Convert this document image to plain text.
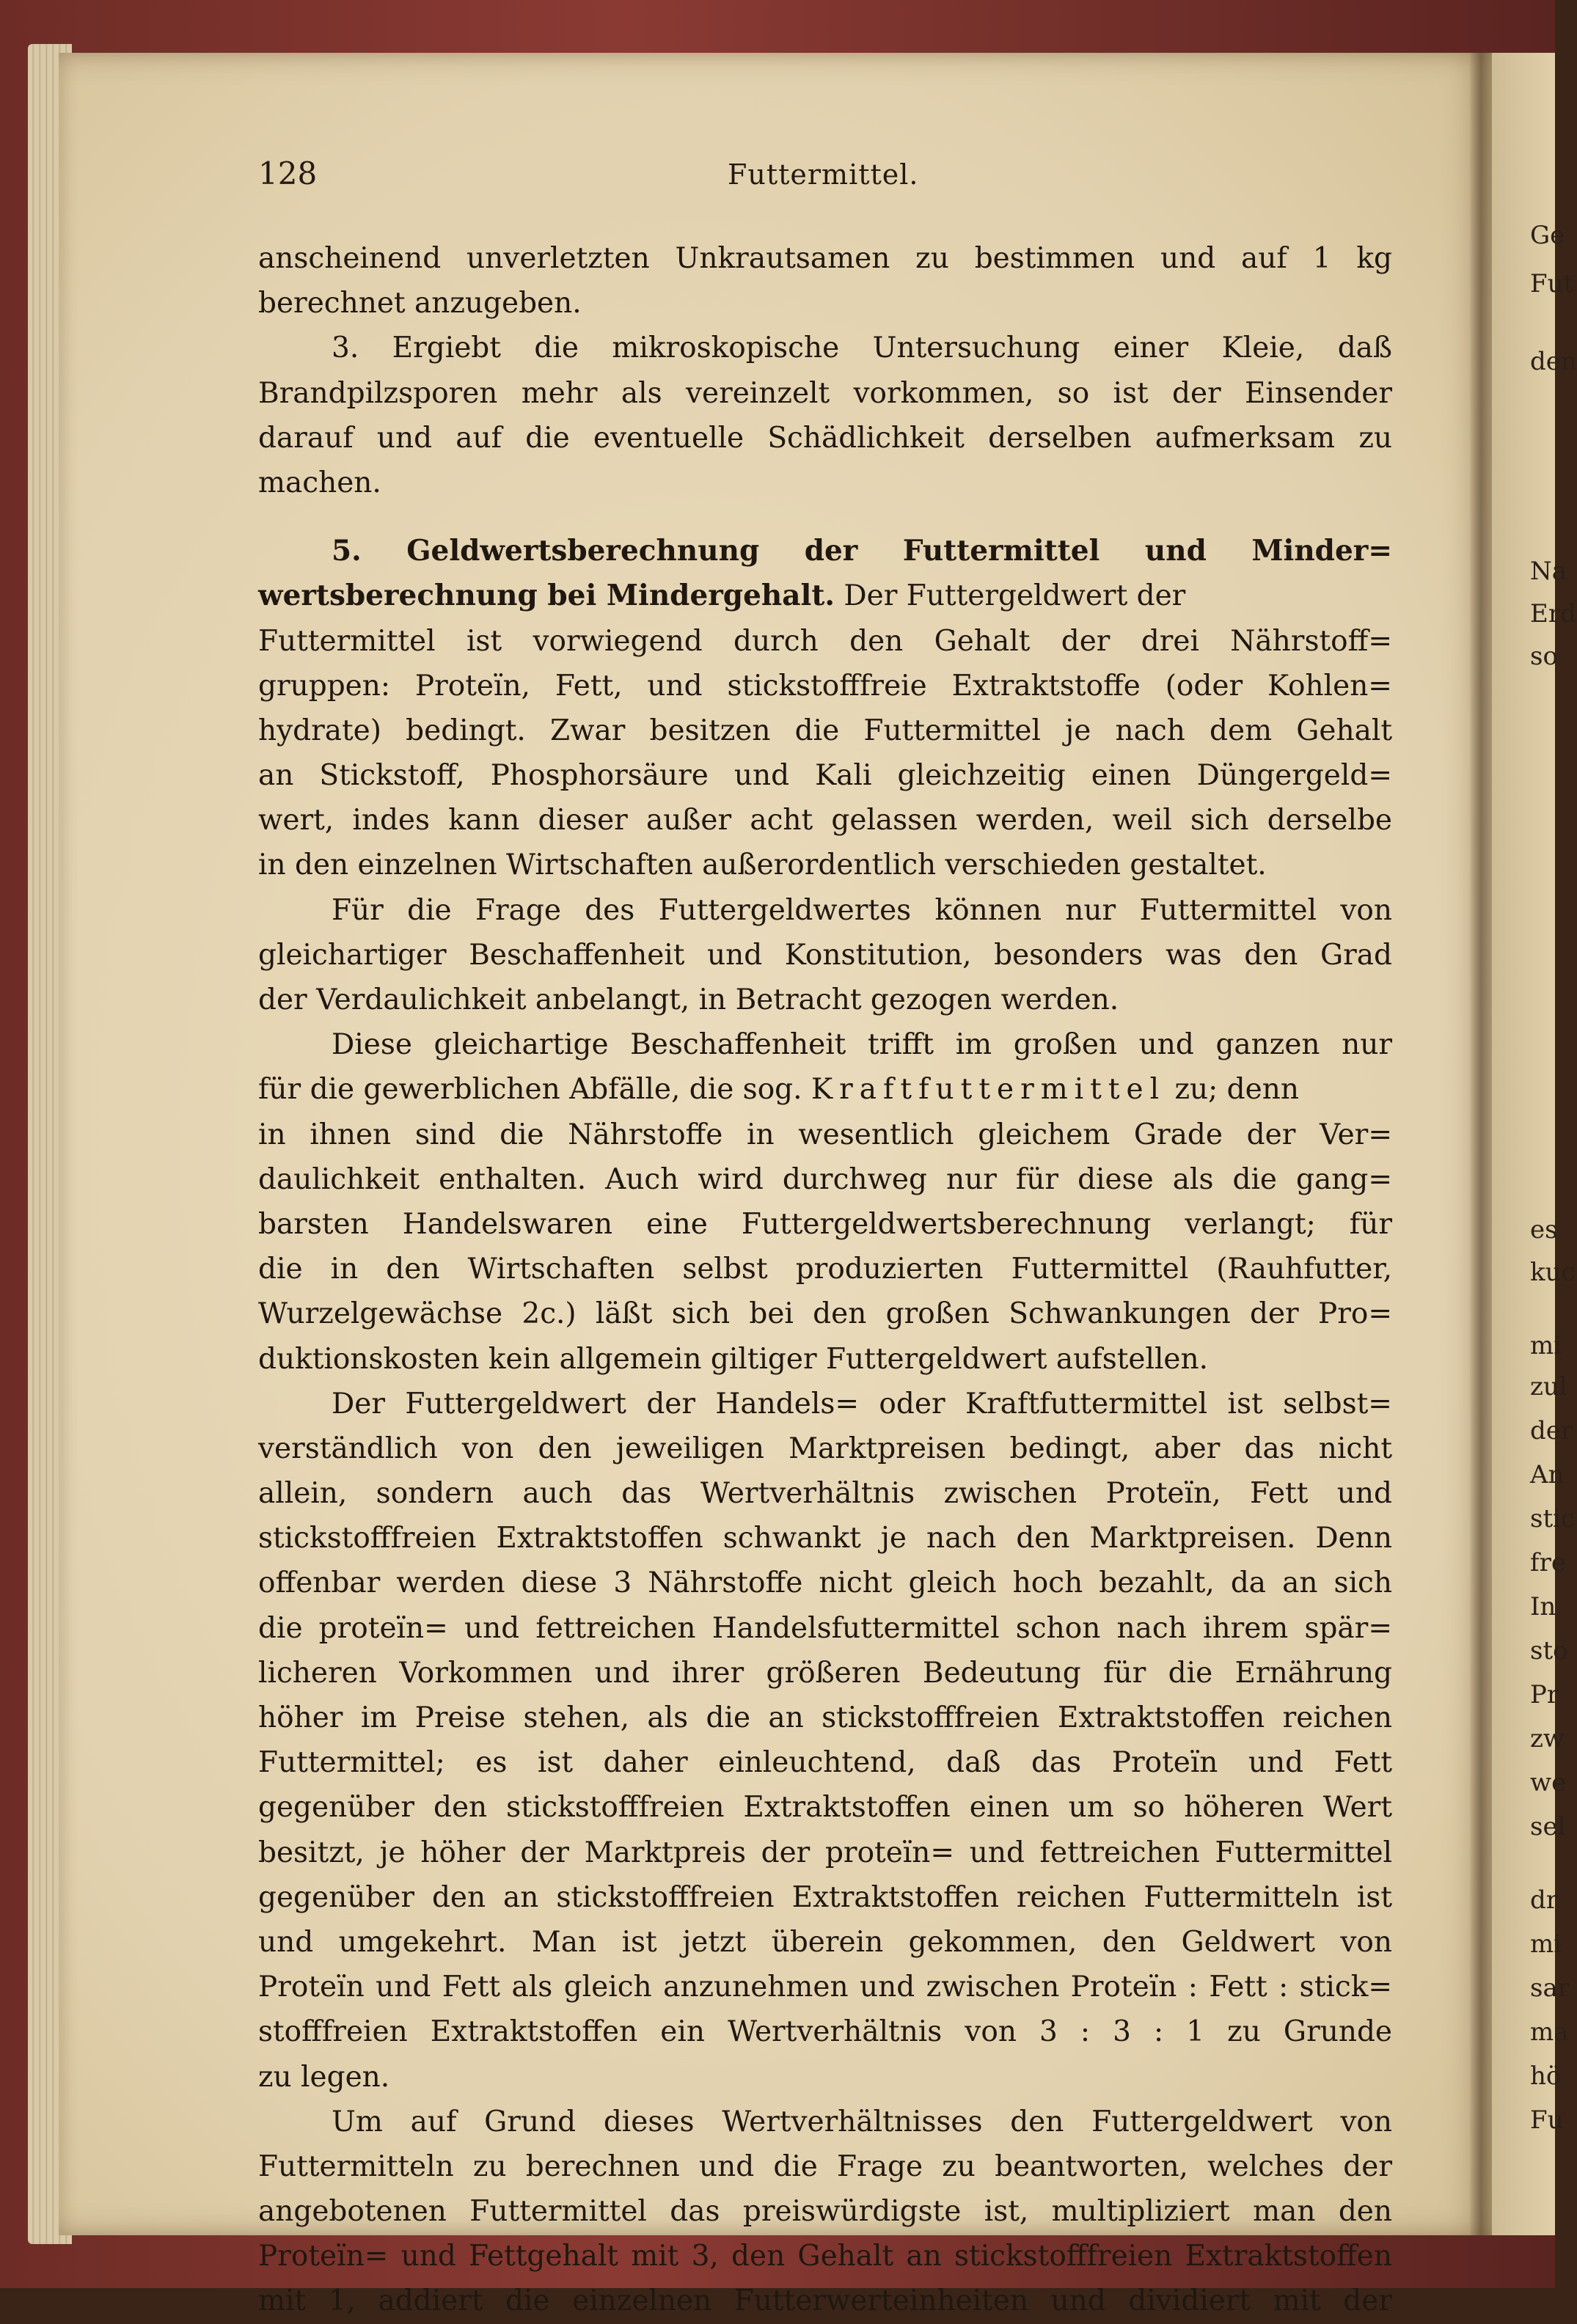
Ge
Fut
den
Na
Erd
so
es
kuc
mi
zul
der
An
stic
fre
In
sto
Pr
zw
we
sel
dr
mi
sar
ma
hö
Fu
128	Futtermittel.
anscheinend unverletzten Unkrautsamen zu bestimmen und auf 1 kg
berechnet anzugeben.
3. Ergiebt die mikroskopische Untersuchung einer Kleie, daß
Brandpilzsporen mehr als vereinzelt vorkommen, so ist der Einsender
darauf und auf die eventuelle Schädlichkeit derselben aufmerksam zu
machen.
5. Geldwertsberechnung der Futtermittel und Minder=
wertsberechnung bei Mindergehalt. Der Futtergeldwert der
Futtermittel ist vorwiegend durch den Gehalt der drei Nährstoff=
gruppen: Proteïn, Fett, und stickstofffreie Extraktstoffe (oder Kohlen=
hydrate) bedingt. Zwar besitzen die Futtermittel je nach dem Gehalt
an Stickstoff, Phosphorsäure und Kali gleichzeitig einen Düngergeld=
wert, indes kann dieser außer acht gelassen werden, weil sich derselbe
in den einzelnen Wirtschaften außerordentlich verschieden gestaltet.
Für die Frage des Futtergeldwertes können nur Futtermittel von
gleichartiger Beschaffenheit und Konstitution, besonders was den Grad
der Verdaulichkeit anbelangt, in Betracht gezogen werden.
Diese gleichartige Beschaffenheit trifft im großen und ganzen nur
für die gewerblichen Abfälle, die sog. Kraftfuttermittel zu; denn
in ihnen sind die Nährstoffe in wesentlich gleichem Grade der Ver=
daulichkeit enthalten. Auch wird durchweg nur für diese als die gang=
barsten Handelswaren eine Futtergeldwertsberechnung verlangt; für
die in den Wirtschaften selbst produzierten Futtermittel (Rauhfutter,
Wurzelgewächse 2c.) läßt sich bei den großen Schwankungen der Pro=
duktionskosten kein allgemein giltiger Futtergeldwert aufstellen.
Der Futtergeldwert der Handels= oder Kraftfuttermittel ist selbst=
verständlich von den jeweiligen Marktpreisen bedingt, aber das nicht
allein, sondern auch das Wertverhältnis zwischen Proteïn, Fett und
stickstofffreien Extraktstoffen schwankt je nach den Marktpreisen. Denn
offenbar werden diese 3 Nährstoffe nicht gleich hoch bezahlt, da an sich
die proteïn= und fettreichen Handelsfuttermittel schon nach ihrem spär=
licheren Vorkommen und ihrer größeren Bedeutung für die Ernährung
höher im Preise stehen, als die an stickstofffreien Extraktstoffen reichen
Futtermittel; es ist daher einleuchtend, daß das Proteïn und Fett
gegenüber den stickstofffreien Extraktstoffen einen um so höheren Wert
besitzt, je höher der Marktpreis der proteïn= und fettreichen Futtermittel
gegenüber den an stickstofffreien Extraktstoffen reichen Futtermitteln ist
und umgekehrt. Man ist jetzt überein gekommen, den Geldwert von
Proteïn und Fett als gleich anzunehmen und zwischen Proteïn : Fett : stick=
stofffreien Extraktstoffen ein Wertverhältnis von 3 : 3 : 1 zu Grunde
zu legen.
Um auf Grund dieses Wertverhältnisses den Futtergeldwert von
Futtermitteln zu berechnen und die Frage zu beantworten, welches der
angebotenen Futtermittel das preiswürdigste ist, multipliziert man den
Proteïn= und Fettgehalt mit 3, den Gehalt an stickstofffreien Extraktstoffen
mit 1, addiert die einzelnen Futterwerteinheiten und dividiert mit der
